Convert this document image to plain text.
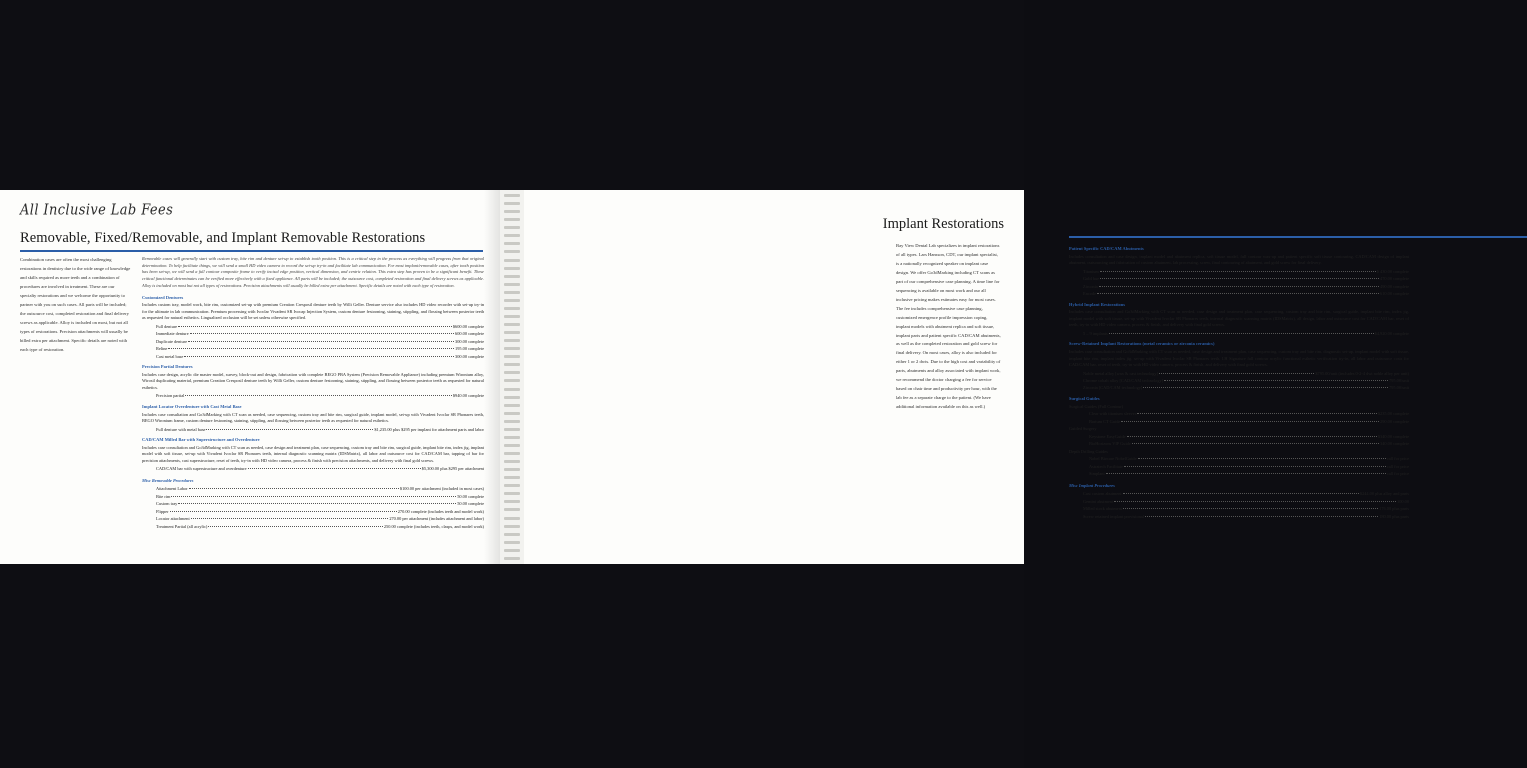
All Inclusive Lab Fees
Removable, Fixed/Removable, and Implant Removable Restorations
Combination cases are often the most challenging restorations in dentistry due to the wide range of knowledge and skills required as more teeth and a combination of procedures are involved in treatment. These are our specialty restorations and we welcome the opportunity to partner with you on such cases. All parts will be included; the outsource cost, completed restoration and final delivery screws as applicable. Alloy is included on most, but not all types of restorations. Precision attachments will usually be billed extra per attachment. Specific details are noted with each type of restoration.

Removable cases will generally start with custom tray, bite rim and denture set-up to establish tooth position. This is a critical step in the process as everything will progress from that original determination. To help facilitate things, we will send a small HD video camera to record the set-up try-in and facilitate lab communication. For most implant/removable cases, after tooth position has been set-up, we will send a full contour composite frame to verify incisal edge position, vertical dimension, and centric relation. This extra step has proven to be a significant benefit. These critical functional determinates can be verified more effectively with a fixed appliance. All parts will be included; the outsource cost, completed restoration and final delivery screws as applicable. Alloy is included on most but not all types of restorations. Precision attachments will usually be billed extra per attachment. Specific details are noted with each type of restoration.

Customized Dentures

Includes custom tray, model work, bite rim, customized set-up with premium Creation Cresposil denture teeth by Willi Geller. Denture service also includes HD video recorder with set-up try-in for the ultimate in lab communication. Premium processing with Ivoclar Vivadent SR Ivocap Injection System, custom denture festooning, staining, stippling, and flossing between posterior teeth as requested for natural esthetics. Lingualized occlusion will be set unless otherwise specified.

Full denture	$600.00 complete
Immediate denture	600.00 complete
Duplicate denture	300.00 complete
Reline	195.00 complete
Cast metal base	300.00 complete
Precision Partial Dentures

Includes case design, acrylic die master model, survey, block-out and design, fabrication with complete BEGO PBA System (Precision Removable Appliance) including premium Wironium alloy, Wirosil duplicating material, premium Creation Cresposil denture teeth by Willi Geller, custom denture festooning, staining, stippling, and flossing between posterior teeth as requested for natural esthetics.

Precision partial	$940.00 complete
Implant Locator Overdenture with Cast Metal Base

Includes case consultation and Go3dMarking with CT scan as needed, case sequencing, custom tray and bite rim, surgical guide, implant model, set-up with Vivadent Ivoclar SR Phonares teeth, BEGO Wironium frame, custom denture festooning, staining, stippling, and flossing between posterior teeth as requested for natural esthetics.

Full denture with metal base	$1,235.00 plus $295 per implant for attachment parts and labor
CAD/CAM Milled Bar with Superstructure and Overdenture

Includes case consultation and Go3dMarking with CT scan as needed, case design and treatment plan, case sequencing, custom tray and bite rim, surgical guide, implant bite rim, index jig, implant model with soft tissue, set-up with Vivadent Ivoclar SR Phonares teeth, internal diagnostic scanning matrix (IDSMatrix), all labor and outsource cost for CAD/CAM bar, tapping of bar for precision attachments, cast superstructure, reset of teeth, try-in with HD video camera, process & finish with precision attachments, and delivery with final gold screws.

CAD/CAM bar with superstructure and overdenture	$5,300.00 plus $295 per attachment
Misc Removable Procedures
Attachment Labor	$100.00 per attachment (included in most cases)
Bite rim	50.00 complete
Custom tray	50.00 complete
Flipper	270.00 complete (includes teeth and model work)
Locator attachment	270.00 per attachment (includes attachment and labor)
Treatment Partial (all acrylic)	250.00 complete (includes teeth, clasps, and model work)
Implant Restorations
Patient Specific CAD/CAM Abutments

Includes consultation and case design, implant model and abutment replica, soft tissue model, full contour wax-up and patient specific soft tissue contouring, CAD/CAM design of implant abutment, outsourcing and fabrication of custom abutment, lab processing, screw, final contouring of abutment, and gold screw for final delivery.

Titanium	$ 430.00 complete
Gold hue	470.00 complete
Zirconia	490.00 complete
Encode	610.00 complete
Hybrid Implant Restorations

Includes case consultation and Go3dMarking with CT scan as needed, case design and treatment plan, case sequencing, custom tray and bite rim, surgical guide, implant bite rim, index jig, implant model with soft tissue, set-up with Vivadent Ivoclar SR Phonares teeth, internal diagnostic scanning matrix (IDSMatrix), all design, labor and outsource cost for CAD/CAM bar, reset of teeth, try-in with HD video camera, process & finish, and delivery with final gold screws.

5 – 9 implants	$4,920.00 complete
Screw-Retained Implant Restorations (metal ceramics or zirconia ceramics)

Includes case consultation and Go3dMarking with CT scan as needed, case design and treatment plan, case sequencing, custom tray and bite rim, diagnostic set-up, implant model with soft tissue, implant bite rim, implant index jig, set-up with Vivadent Ivoclar SR Phonares teeth, LH Signature full contour acrylic functional esthetic verification try-in, all labor and outsource costs for CAD/CAM bar, reset of teeth, try-in with HD video camera, process & finish, and delivery with final gold screws.

Noble metal alloy [wax & cast technology]	$795.00/unit (includes 0-2-4 dwt noble alloy per unit)
Chrome cobalt alloy [CAD/CAM technology]	795.00/unit
Zirconia [CAD/CAM technology]	795.00/unit
Surgical Guides
Surgical Guides (Full Contour)
Clear with titanium sleeves	$235.00 complete
Barium CT Guide	290.00 complete
Guided Surgery
Keystone EasyGuide	$340.00 complete
BioHorizons VIP Guide	340.00 complete
Depth Drilling Guides
Nobel Biocare NobelGuide	call for price
Astratech Facilitate	call for price
Simplant	call for price
Misc Implant Procedures
Cast custom abutment	$244.00 plus alloy and parts
Gemini abutment	100.00
Milled stock abutment	176.00 plus parts
Screw retained implant provisional	180.00 plus parts
Bay View Dental Lab specializes in implant restorations of all types. Lars Hansson, CDT, our implant specialist, is a nationally recognized speaker on implant case design. We offer Go3dMarking including CT scans as part of our comprehensive case planning. A time line for sequencing is available on most work and our all inclusive pricing makes estimates easy for most cases. The fee includes comprehensive case planning, customized emergence profile impression coping, implant models with abutment replica and soft tissue, implant parts and patient specific CAD/CAM abutments, as well as the completed restoration and gold screw for final delivery. On most cases, alloy is also included for either 1 or 2 dwts. Due to the high cost and variability of parts, abutments and alloy associated with implant work, we recommend the doctor charging a fee for service based on chair time and productivity per hour, with the lab fee as a separate charge to the patient. (We have additional information available on this as well.)
